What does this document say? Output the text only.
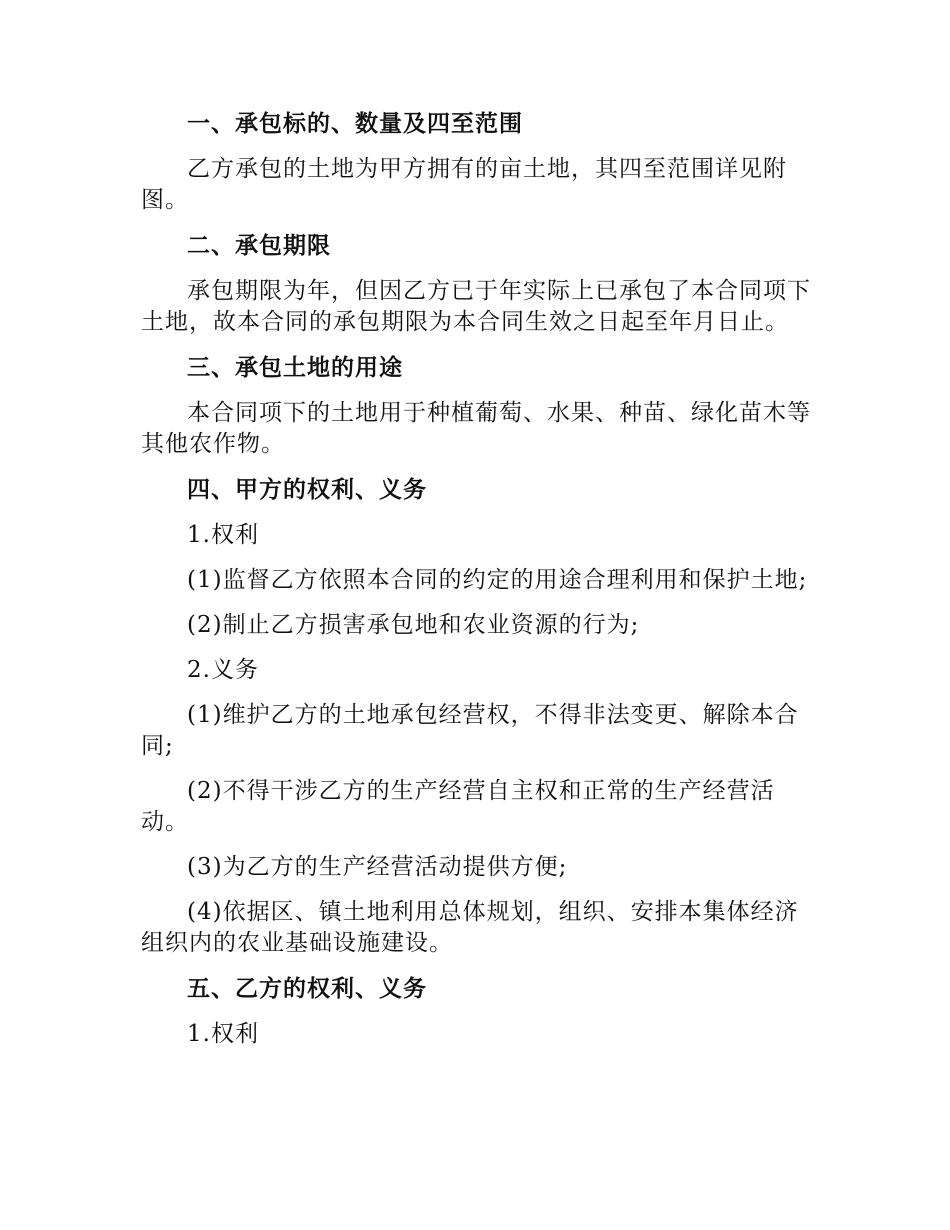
一、承包标的、数量及四至范围
乙方承包的土地为甲方拥有的亩土地，其四至范围详见附图。
二、承包期限
承包期限为年，但因乙方已于年实际上已承包了本合同项下土地，故本合同的承包期限为本合同生效之日起至年月日止。
三、承包土地的用途
本合同项下的土地用于种植葡萄、水果、种苗、绿化苗木等其他农作物。
四、甲方的权利、义务
1.权利
(1)监督乙方依照本合同的约定的用途合理利用和保护土地;
(2)制止乙方损害承包地和农业资源的行为;
2.义务
(1)维护乙方的土地承包经营权，不得非法变更、解除本合同;
(2)不得干涉乙方的生产经营自主权和正常的生产经营活动。
(3)为乙方的生产经营活动提供方便;
(4)依据区、镇土地利用总体规划，组织、安排本集体经济组织内的农业基础设施建设。
五、乙方的权利、义务
1.权利
